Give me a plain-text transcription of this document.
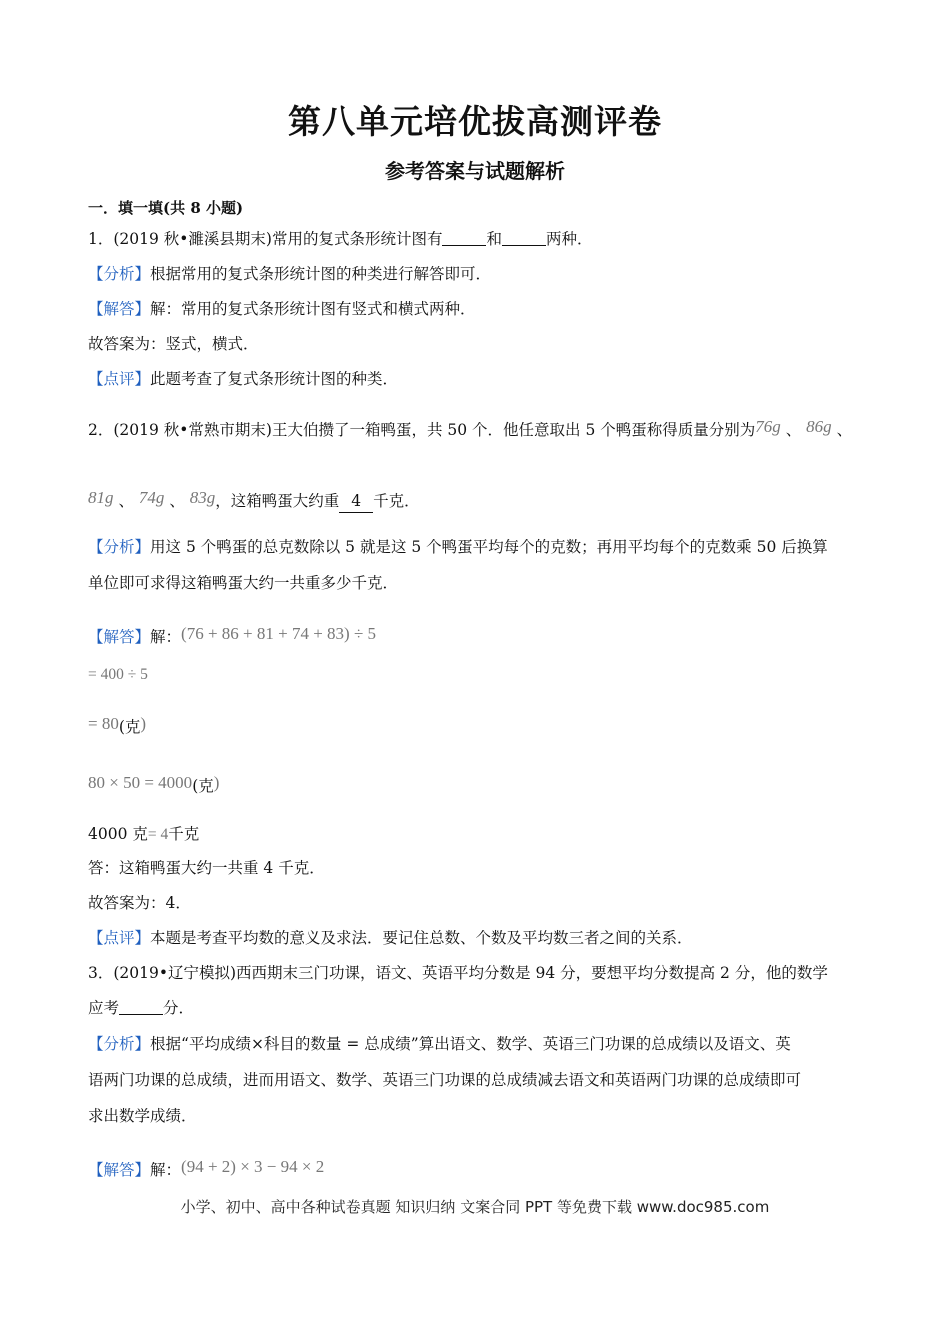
第八单元培优拔高测评卷
参考答案与试题解析
一．填一填(共 8 小题)
1．(2019 秋•濉溪县期末)常用的复式条形统计图有	和	两种．
【分析】根据常用的复式条形统计图的种类进行解答即可．
【解答】解：常用的复式条形统计图有竖式和横式两种．
故答案为：竖式，横式．
【点评】此题考查了复式条形统计图的种类．
2．(2019 秋•常熟市期末)王大伯攒了一箱鸭蛋，共 50 个．他任意取出 5 个鸭蛋称得质量分别为76g 、 86g 、
81g 、 74g 、 83g，这箱鸭蛋大约重 4 千克．
【分析】用这 5 个鸭蛋的总克数除以 5 就是这 5 个鸭蛋平均每个的克数；再用平均每个的克数乘 50 后换算
单位即可求得这箱鸭蛋大约一共重多少千克．
【解答】解：(76 + 86 + 81 + 74 + 83) ÷ 5
= 400 ÷ 5
= 80(克)
80 × 50 = 4000(克)
4000 克= 4千克
答：这箱鸭蛋大约一共重 4 千克．
故答案为：4．
【点评】本题是考查平均数的意义及求法．要记住总数、个数及平均数三者之间的关系．
3．(2019•辽宁模拟)西西期末三门功课，语文、英语平均分数是 94 分，要想平均分数提高 2 分，他的数学
应考	分．
【分析】根据“平均成绩×科目的数量 = 总成绩”算出语文、数学、英语三门功课的总成绩以及语文、英
语两门功课的总成绩，进而用语文、数学、英语三门功课的总成绩减去语文和英语两门功课的总成绩即可
求出数学成绩．
【解答】解：(94 + 2) × 3 − 94 × 2
小学、初中、高中各种试卷真题 知识归纳 文案合同 PPT 等免费下载 www.doc985.com
